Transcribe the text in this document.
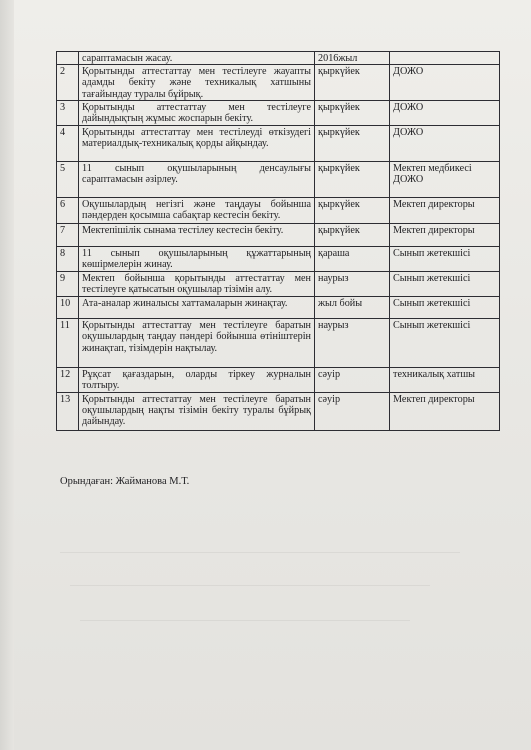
	сараптамасын жасау.	2016жыл	
2	Қорытынды аттестаттау мен тестілеуге жауапты адамды бекіту және техникалық хатшыны тағайындау туралы бұйрық.	қыркүйек	ДОЖО
3	Қорытынды аттестаттау мен тестілеуге дайындықтың жұмыс жоспарын бекіту.	қыркүйек	ДОЖО
4	Қорытынды аттестаттау мен тестілеуді өткізудегі материалдық-техникалық қорды айқындау.	қыркүйек	ДОЖО
5	11 сынып оқушыларының денсаулығы сараптамасын әзірлеу.	қыркүйек	Мектеп медбикесі ДОЖО
6	Оқушылардың негізгі және таңдауы бойынша пәндерден қосымша сабақтар кестесін бекіту.	қыркүйек	Мектеп директоры
7	Мектепішілік сынама тестілеу кестесін бекіту.	қыркүйек	Мектеп директоры
8	11 сынып оқушыларының құжаттарының көшірмелерін жинау.	қараша	Сынып жетекшісі
9	Мектеп бойынша қорытынды аттестаттау мен тестілеуге қатысатын оқушылар тізімін алу.	наурыз	Сынып жетекшісі
10	Ата-аналар жиналысы хаттамаларын жинақтау.	жыл бойы	Сынып жетекшісі
11	Қорытынды аттестаттау мен тестілеуге баратын оқушылардың таңдау пәндері бойынша өтініштерін жинақтап, тізімдерін нақтылау.	наурыз	Сынып жетекшісі
12	Рұқсат қағаздарын, оларды тіркеу журналын толтыру.	сәуір	техникалық хатшы
13	Қорытынды аттестаттау мен тестілеуге баратын оқушылардың нақты тізімін бекіту туралы бұйрық дайындау.	сәуір	Мектеп директоры
Орындаған: Жайманова М.Т.
